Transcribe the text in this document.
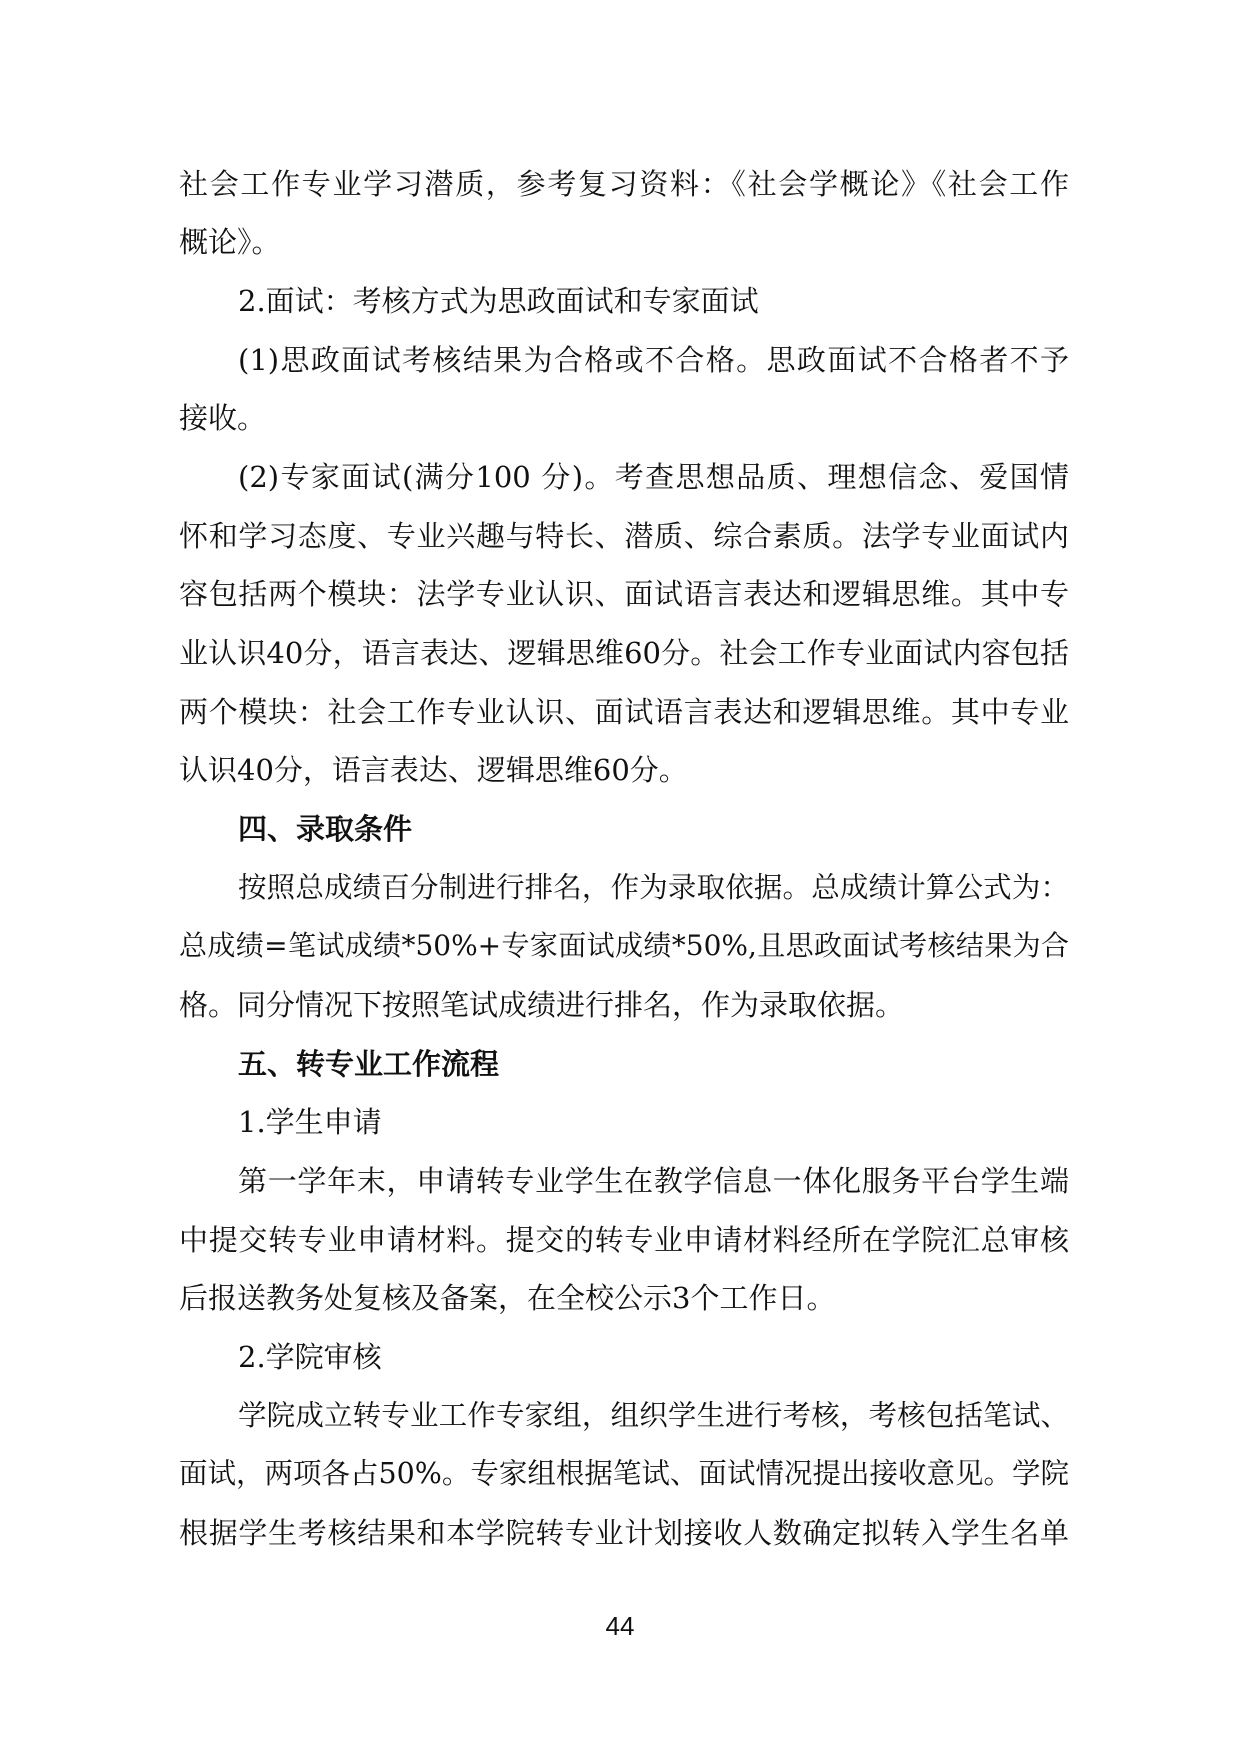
社会工作专业学习潜质，参考复习资料：《社会学概论》《社会工作
概论》。
2.面试：考核方式为思政面试和专家面试
(1)思政面试考核结果为合格或不合格。思政面试不合格者不予
接收。
(2)专家面试(满分100 分)。考查思想品质、理想信念、爱国情
怀和学习态度、专业兴趣与特长、潜质、综合素质。法学专业面试内
容包括两个模块：法学专业认识、面试语言表达和逻辑思维。其中专
业认识40分，语言表达、逻辑思维60分。社会工作专业面试内容包括
两个模块：社会工作专业认识、面试语言表达和逻辑思维。其中专业
认识40分，语言表达、逻辑思维60分。
四、录取条件
按照总成绩百分制进行排名，作为录取依据。总成绩计算公式为：
总成绩=笔试成绩*50%+专家面试成绩*50%,且思政面试考核结果为合
格。同分情况下按照笔试成绩进行排名，作为录取依据。
五、转专业工作流程
1.学生申请
第一学年末，申请转专业学生在教学信息一体化服务平台学生端
中提交转专业申请材料。提交的转专业申请材料经所在学院汇总审核
后报送教务处复核及备案，在全校公示3个工作日。
2.学院审核
学院成立转专业工作专家组，组织学生进行考核，考核包括笔试、
面试，两项各占50%。专家组根据笔试、面试情况提出接收意见。学院
根据学生考核结果和本学院转专业计划接收人数确定拟转入学生名单
44
